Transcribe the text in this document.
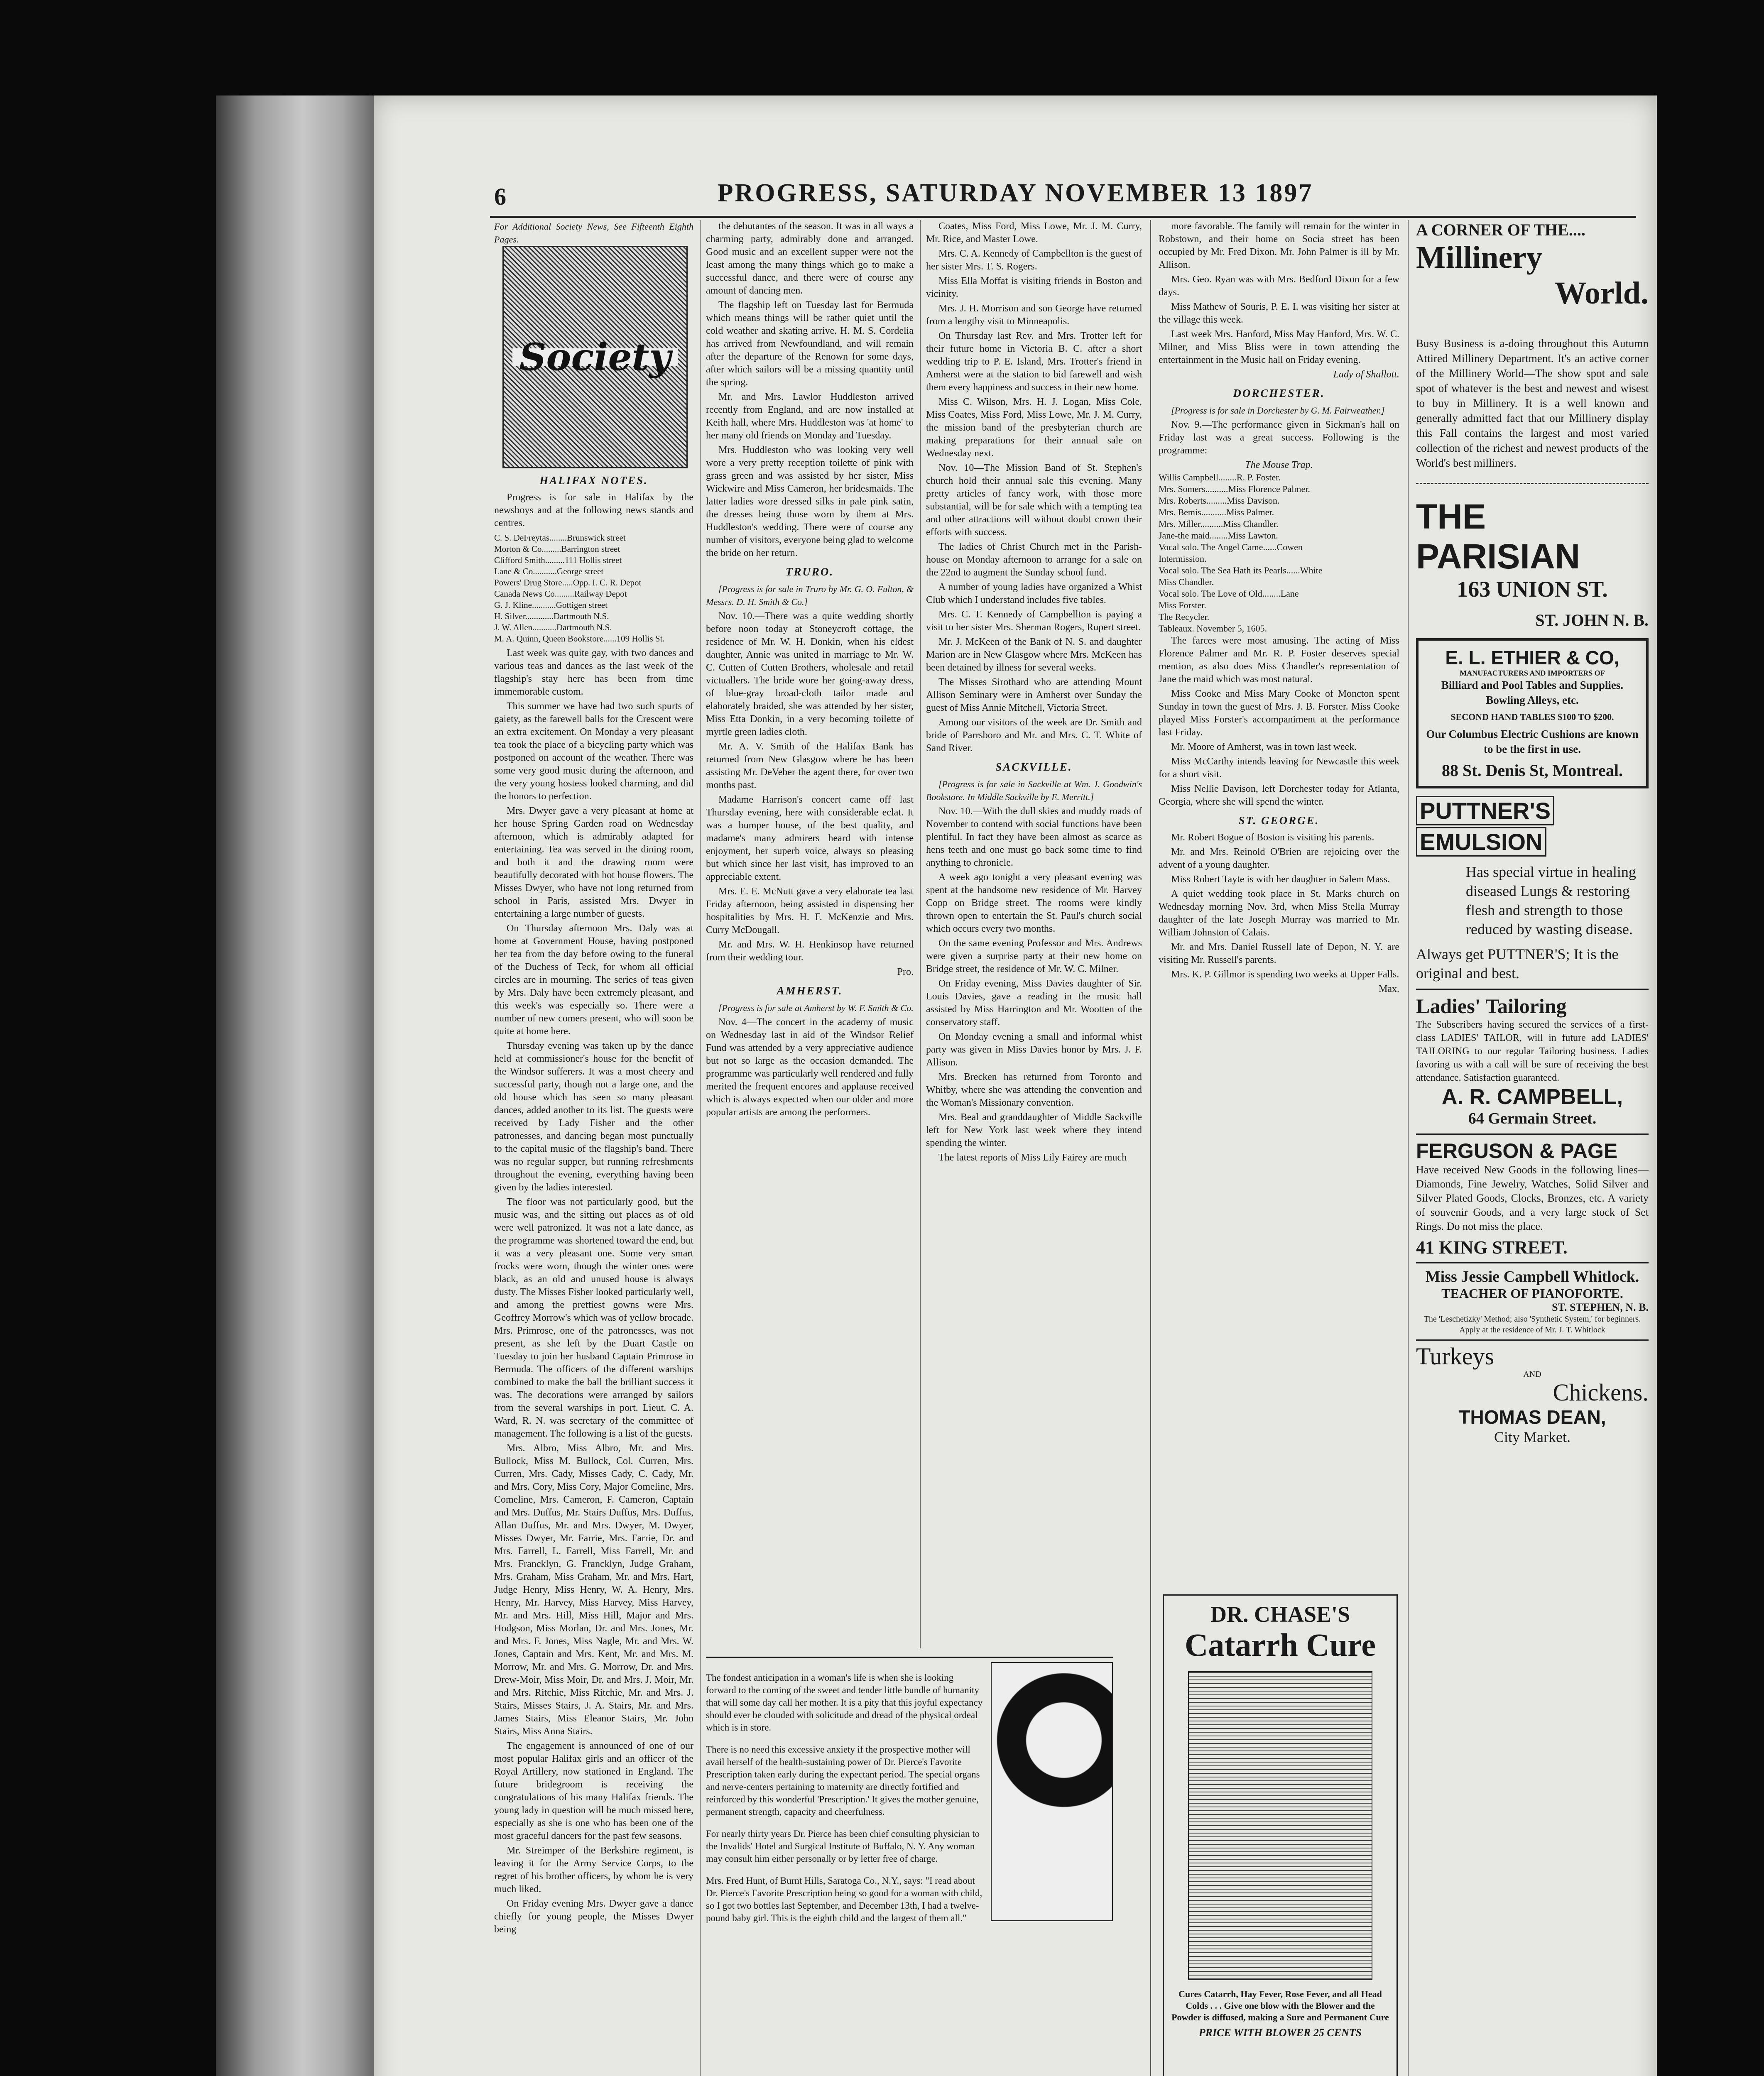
6	PROGRESS, SATURDAY NOVEMBER 13 1897
For Additional Society News, See Fifteenth Eighth Pages.
Society
HALIFAX NOTES.

Progress is for sale in Halifax by the newsboys and at the following news stands and centres.

C. S. DeFreytas........Brunswick street
Morton & Co.........Barrington street
Clifford Smith.........111 Hollis street
Lane & Co...........George street
Powers' Drug Store.....Opp. I. C. R. Depot
Canada News Co.........Railway Depot
G. J. Kline...........Gottigen street
H. Silver.............Dartmouth N.S.
J. W. Allen...........Dartmouth N.S.
M. A. Quinn, Queen Bookstore......109 Hollis St.

Last week was quite gay, with two dances and various teas and dances as the last week of the flagship's stay here has been from time immemorable custom.

This summer we have had two such spurts of gaiety, as the farewell balls for the Crescent were an extra excitement. On Monday a very pleasant tea took the place of a bicycling party which was postponed on account of the weather. There was some very good music during the afternoon, and the very young hostess looked charming, and did the honors to perfection.

Mrs. Dwyer gave a very pleasant at home at her house Spring Garden road on Wednesday afternoon, which is admirably adapted for entertaining. Tea was served in the dining room, and both it and the drawing room were beautifully decorated with hot house flowers. The Misses Dwyer, who have not long returned from school in Paris, assisted Mrs. Dwyer in entertaining a large number of guests.

On Thursday afternoon Mrs. Daly was at home at Government House, having postponed her tea from the day before owing to the funeral of the Duchess of Teck, for whom all official circles are in mourning. The series of teas given by Mrs. Daly have been extremely pleasant, and this week's was especially so. There were a number of new comers present, who will soon be quite at home here.

Thursday evening was taken up by the dance held at commissioner's house for the benefit of the Windsor sufferers. It was a most cheery and successful party, though not a large one, and the old house which has seen so many pleasant dances, added another to its list. The guests were received by Lady Fisher and the other patronesses, and dancing began most punctually to the capital music of the flagship's band. There was no regular supper, but running refreshments throughout the evening, everything having been given by the ladies interested.

The floor was not particularly good, but the music was, and the sitting out places as of old were well patronized. It was not a late dance, as the programme was shortened toward the end, but it was a very pleasant one. Some very smart frocks were worn, though the winter ones were black, as an old and unused house is always dusty. The Misses Fisher looked particularly well, and among the prettiest gowns were Mrs. Geoffrey Morrow's which was of yellow brocade. Mrs. Primrose, one of the patronesses, was not present, as she left by the Duart Castle on Tuesday to join her husband Captain Primrose in Bermuda. The officers of the different warships combined to make the ball the brilliant success it was. The decorations were arranged by sailors from the several warships in port. Lieut. C. A. Ward, R. N. was secretary of the committee of management. The following is a list of the guests.

Mrs. Albro, Miss Albro, Mr. and Mrs. Bullock, Miss M. Bullock, Col. Curren, Mrs. Curren, Mrs. Cady, Misses Cady, C. Cady, Mr. and Mrs. Cory, Miss Cory, Major Comeline, Mrs. Comeline, Mrs. Cameron, F. Cameron, Captain and Mrs. Duffus, Mr. Stairs Duffus, Mrs. Duffus, Allan Duffus, Mr. and Mrs. Dwyer, M. Dwyer, Misses Dwyer, Mr. Farrie, Mrs. Farrie, Dr. and Mrs. Farrell, L. Farrell, Miss Farrell, Mr. and Mrs. Francklyn, G. Francklyn, Judge Graham, Mrs. Graham, Miss Graham, Mr. and Mrs. Hart, Judge Henry, Miss Henry, W. A. Henry, Mrs. Henry, Mr. Harvey, Miss Harvey, Miss Harvey, Mr. and Mrs. Hill, Miss Hill, Major and Mrs. Hodgson, Miss Morlan, Dr. and Mrs. Jones, Mr. and Mrs. F. Jones, Miss Nagle, Mr. and Mrs. W. Jones, Captain and Mrs. Kent, Mr. and Mrs. M. Morrow, Mr. and Mrs. G. Morrow, Dr. and Mrs. Drew-Moir, Miss Moir, Dr. and Mrs. J. Moir, Mr. and Mrs. Ritchie, Miss Ritchie, Mr. and Mrs. J. Stairs, Misses Stairs, J. A. Stairs, Mr. and Mrs. James Stairs, Miss Eleanor Stairs, Mr. John Stairs, Miss Anna Stairs.

The engagement is announced of one of our most popular Halifax girls and an officer of the Royal Artillery, now stationed in England. The future bridegroom is receiving the congratulations of his many Halifax friends. The young lady in question will be much missed here, especially as she is one who has been one of the most graceful dancers for the past few seasons.

Mr. Streimper of the Berkshire regiment, is leaving it for the Army Service Corps, to the regret of his brother officers, by whom he is very much liked.

On Friday evening Mrs. Dwyer gave a dance chiefly for young people, the Misses Dwyer being

the debutantes of the season. It was in all ways a charming party, admirably done and arranged. Good music and an excellent supper were not the least among the many things which go to make a successful dance, and there were of course any amount of dancing men.

The flagship left on Tuesday last for Bermuda which means things will be rather quiet until the cold weather and skating arrive. H. M. S. Cordelia has arrived from Newfoundland, and will remain after the departure of the Renown for some days, after which sailors will be a missing quantity until the spring.

Mr. and Mrs. Lawlor Huddleston arrived recently from England, and are now installed at Keith hall, where Mrs. Huddleston was 'at home' to her many old friends on Monday and Tuesday.

Mrs. Huddleston who was looking very well wore a very pretty reception toilette of pink with grass green and was assisted by her sister, Miss Wickwire and Miss Cameron, her bridesmaids. The latter ladies wore dressed silks in pale pink satin, the dresses being those worn by them at Mrs. Huddleston's wedding. There were of course any number of visitors, everyone being glad to welcome the bride on her return.

TRURO.

[Progress is for sale in Truro by Mr. G. O. Fulton, & Messrs. D. H. Smith & Co.]

Nov. 10.—There was a quite wedding shortly before noon today at Stoneycroft cottage, the residence of Mr. W. H. Donkin, when his eldest daughter, Annie was united in marriage to Mr. W. C. Cutten of Cutten Brothers, wholesale and retail victuallers. The bride wore her going-away dress, of blue-gray broad-cloth tailor made and elaborately braided, she was attended by her sister, Miss Etta Donkin, in a very becoming toilette of myrtle green ladies cloth.

Mr. A. V. Smith of the Halifax Bank has returned from New Glasgow where he has been assisting Mr. DeVeber the agent there, for over two months past.

Madame Harrison's concert came off last Thursday evening, here with considerable eclat. It was a bumper house, of the best quality, and madame's many admirers heard with intense enjoyment, her superb voice, always so pleasing but which since her last visit, has improved to an appreciable extent.

Mrs. E. E. McNutt gave a very elaborate tea last Friday afternoon, being assisted in dispensing her hospitalities by Mrs. H. F. McKenzie and Mrs. Curry McDougall.

Mr. and Mrs. W. H. Henkinsop have returned from their wedding tour.

Pro.
AMHERST.

[Progress is for sale at Amherst by W. F. Smith & Co.

Nov. 4—The concert in the academy of music on Wednesday last in aid of the Windsor Relief Fund was attended by a very appreciative audience but not so large as the occasion demanded. The programme was particularly well rendered and fully merited the frequent encores and applause received which is always expected when our older and more popular artists are among the performers.

The fondest anticipation in a woman's life is when she is looking forward to the coming of the sweet and tender little bundle of humanity that will some day call her mother. It is a pity that this joyful expectancy should ever be clouded with solicitude and dread of the physical ordeal which is in store.

There is no need this excessive anxiety if the prospective mother will avail herself of the health-sustaining power of Dr. Pierce's Favorite Prescription taken early during the expectant period. The special organs and nerve-centers pertaining to maternity are directly fortified and reinforced by this wonderful 'Prescription.' It gives the mother genuine, permanent strength, capacity and cheerfulness.

For nearly thirty years Dr. Pierce has been chief consulting physician to the Invalids' Hotel and Surgical Institute of Buffalo, N. Y. Any woman may consult him either personally or by letter free of charge.

Mrs. Fred Hunt, of Burnt Hills, Saratoga Co., N.Y., says: "I read about Dr. Pierce's Favorite Prescription being so good for a woman with child, so I got two bottles last September, and December 13th, I had a twelve-pound baby girl. This is the eighth child and the largest of them all."

Coates, Miss Ford, Miss Lowe, Mr. J. M. Curry, Mr. Rice, and Master Lowe.

Mrs. C. A. Kennedy of Campbellton is the guest of her sister Mrs. T. S. Rogers.

Miss Ella Moffat is visiting friends in Boston and vicinity.

Mrs. J. H. Morrison and son George have returned from a lengthy visit to Minneapolis.

On Thursday last Rev. and Mrs. Trotter left for their future home in Victoria B. C. after a short wedding trip to P. E. Island, Mrs. Trotter's friend in Amherst were at the station to bid farewell and wish them every happiness and success in their new home.

Miss C. Wilson, Mrs. H. J. Logan, Miss Cole, Miss Coates, Miss Ford, Miss Lowe, Mr. J. M. Curry, the mission band of the presbyterian church are making preparations for their annual sale on Wednesday next.

Nov. 10—The Mission Band of St. Stephen's church hold their annual sale this evening. Many pretty articles of fancy work, with those more substantial, will be for sale which with a tempting tea and other attractions will without doubt crown their efforts with success.

The ladies of Christ Church met in the Parish-house on Monday afternoon to arrange for a sale on the 22nd to augment the Sunday school fund.

A number of young ladies have organized a Whist Club which I understand includes five tables.

Mrs. C. T. Kennedy of Campbellton is paying a visit to her sister Mrs. Sherman Rogers, Rupert street.

Mr. J. McKeen of the Bank of N. S. and daughter Marion are in New Glasgow where Mrs. McKeen has been detained by illness for several weeks.

The Misses Sirothard who are attending Mount Allison Seminary were in Amherst over Sunday the guest of Miss Annie Mitchell, Victoria Street.

Among our visitors of the week are Dr. Smith and bride of Parrsboro and Mr. and Mrs. C. T. White of Sand River.

SACKVILLE.

[Progress is for sale in Sackville at Wm. J. Goodwin's Bookstore. In Middle Sackville by E. Merritt.]

Nov. 10.—With the dull skies and muddy roads of November to contend with social functions have been plentiful. In fact they have been almost as scarce as hens teeth and one must go back some time to find anything to chronicle.

A week ago tonight a very pleasant evening was spent at the handsome new residence of Mr. Harvey Copp on Bridge street. The rooms were kindly thrown open to entertain the St. Paul's church social which occurs every two months.

On the same evening Professor and Mrs. Andrews were given a surprise party at their new home on Bridge street, the residence of Mr. W. C. Milner.

On Friday evening, Miss Davies daughter of Sir. Louis Davies, gave a reading in the music hall assisted by Miss Harrington and Mr. Wootten of the conservatory staff.

On Monday evening a small and informal whist party was given in Miss Davies honor by Mrs. J. F. Allison.

Mrs. Brecken has returned from Toronto and Whitby, where she was attending the convention and the Woman's Missionary convention.

Mrs. Beal and granddaughter of Middle Sackville left for New York last week where they intend spending the winter.

The latest reports of Miss Lily Fairey are much

more favorable. The family will remain for the winter in Robstown, and their home on Socia street has been occupied by Mr. Fred Dixon. Mr. John Palmer is ill by Mr. Allison.

Mrs. Geo. Ryan was with Mrs. Bedford Dixon for a few days.

Miss Mathew of Souris, P. E. I. was visiting her sister at the village this week.

Last week Mrs. Hanford, Miss May Hanford, Mrs. W. C. Milner, and Miss Bliss were in town attending the entertainment in the Music hall on Friday evening.

Lady of Shallott.
DORCHESTER.

[Progress is for sale in Dorchester by G. M. Fairweather.]

Nov. 9.—The performance given in Sickman's hall on Friday last was a great success. Following is the programme:

The Mouse Trap.
Willis Campbell........R. P. Foster.
Mrs. Somers..........Miss Florence Palmer.
Mrs. Roberts.........Miss Davison.
Mrs. Bemis...........Miss Palmer.
Mrs. Miller..........Miss Chandler.
Jane-the maid........Miss Lawton.
Vocal solo. The Angel Came......Cowen
Intermission.
Vocal solo. The Sea Hath its Pearls......White
Miss Chandler.
Vocal solo. The Love of Old........Lane
Miss Forster.
The Recycler.
Tableaux. November 5, 1605.

The farces were most amusing. The acting of Miss Florence Palmer and Mr. R. P. Foster deserves special mention, as also does Miss Chandler's representation of Jane the maid which was most natural.

Miss Cooke and Miss Mary Cooke of Moncton spent Sunday in town the guest of Mrs. J. B. Forster. Miss Cooke played Miss Forster's accompaniment at the performance last Friday.

Mr. Moore of Amherst, was in town last week.

Miss McCarthy intends leaving for Newcastle this week for a short visit.

Miss Nellie Davison, left Dorchester today for Atlanta, Georgia, where she will spend the winter.

ST. GEORGE.

Mr. Robert Bogue of Boston is visiting his parents.

Mr. and Mrs. Reinold O'Brien are rejoicing over the advent of a young daughter.

Miss Robert Tayte is with her daughter in Salem Mass.

A quiet wedding took place in St. Marks church on Wednesday morning Nov. 3rd, when Miss Stella Murray daughter of the late Joseph Murray was married to Mr. William Johnston of Calais.

Mr. and Mrs. Daniel Russell late of Depon, N. Y. are visiting Mr. Russell's parents.

Mrs. K. P. Gillmor is spending two weeks at Upper Falls.

Max.
DR. CHASE'S
Catarrh Cure
Cures Catarrh, Hay Fever, Rose Fever, and all Head Colds . . . Give one blow with the Blower and the Powder is diffused, making a Sure and Permanent Cure
PRICE WITH BLOWER 25 CENTS
A CORNER OF THE....
Millinery
World.
Busy Business is a-doing throughout this Autumn Attired Millinery Department. It's an active corner of the Millinery World—The show spot and sale spot of whatever is the best and newest and wisest to buy in Millinery. It is a well known and generally admitted fact that our Millinery display this Fall contains the largest and most varied collection of the richest and newest products of the World's best milliners.
THE PARISIAN
163 UNION ST.
ST. JOHN N. B.
E. L. ETHIER & CO,
MANUFACTURERS AND IMPORTERS OF
Billiard and Pool Tables and Supplies. Bowling Alleys, etc.
SECOND HAND TABLES $100 TO $200.
Our Columbus Electric Cushions are known to be the first in use.
88 St. Denis St, Montreal.
PUTTNER'S
EMULSION
Has special virtue in healing diseased Lungs & restoring flesh and strength to those reduced by wasting disease.
Always get PUTTNER'S; It is the original and best.
Ladies' Tailoring
The Subscribers having secured the services of a first-class LADIES' TAILOR, will in future add LADIES' TAILORING to our regular Tailoring business. Ladies favoring us with a call will be sure of receiving the best attendance. Satisfaction guaranteed.
A. R. CAMPBELL,
64 Germain Street.
FERGUSON & PAGE
Have received New Goods in the following lines—Diamonds, Fine Jewelry, Watches, Solid Silver and Silver Plated Goods, Clocks, Bronzes, etc. A variety of souvenir Goods, and a very large stock of Set Rings. Do not miss the place.
41 KING STREET.
Miss Jessie Campbell Whitlock.
TEACHER OF PIANOFORTE.
ST. STEPHEN, N. B.
The 'Leschetizky' Method; also 'Synthetic System,' for beginners. Apply at the residence of Mr. J. T. Whitlock
Turkeys
AND
Chickens.
THOMAS DEAN,
City Market.
